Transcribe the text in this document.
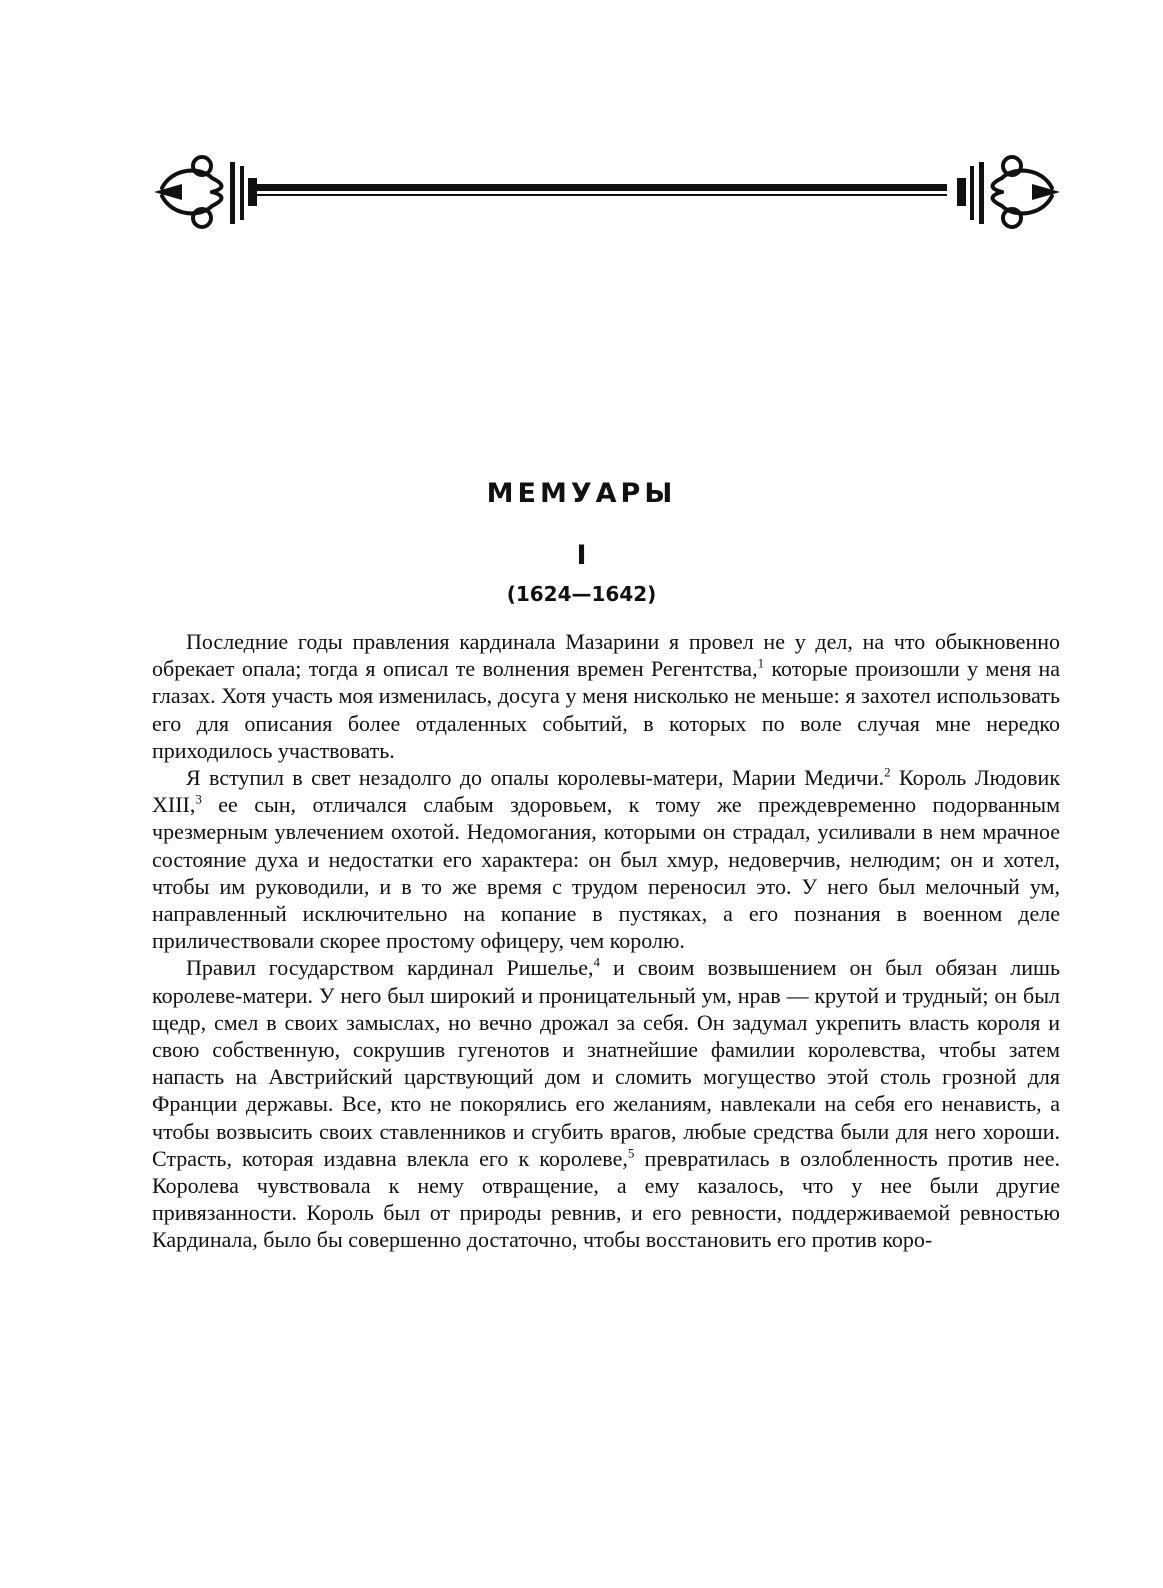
МЕМУАРЫ
I
(1624—1642)

Последние годы правления кардинала Мазарини я провел не у дел, на что обыкновенно обрекает опала; тогда я описал те волнения времен Регентства,$^1$ которые произошли у меня на глазах. Хотя участь моя изменилась, досуга у меня нисколько не меньше: я захотел использовать его для описания более отдаленных событий, в которых по воле случая мне нередко приходилось участвовать.

Я вступил в свет незадолго до опалы королевы-матери, Марии Медичи.$^2$ Король Людовик XIII,$^3$ ее сын, отличался слабым здоровьем, к тому же преждевременно подорванным чрезмерным увлечением охотой. Недомогания, которыми он страдал, усиливали в нем мрачное состояние духа и недостатки его характера: он был хмур, недоверчив, нелюдим; он и хотел, чтобы им руководили, и в то же время с трудом переносил это. У него был мелочный ум, направленный исключительно на копание в пустяках, а его познания в военном деле приличествовали скорее простому офицеру, чем королю.

Правил государством кардинал Ришелье,$^4$ и своим возвышением он был обязан лишь королеве-матери. У него был широкий и проницательный ум, нрав — крутой и трудный; он был щедр, смел в своих замыслах, но вечно дрожал за себя. Он задумал укрепить власть короля и свою собственную, сокрушив гугенотов и знатнейшие фамилии королевства, чтобы затем напасть на Австрийский царствующий дом и сломить могущество этой столь грозной для Франции державы. Все, кто не покорялись его желаниям, навлекали на себя его ненависть, а чтобы возвысить своих ставленников и сгубить врагов, любые средства были для него хороши. Страсть, которая издавна влекла его к королеве,$^5$ превратилась в озлобленность против нее. Королева чувствовала к нему отвращение, а ему казалось, что у нее были другие привязанности. Король был от природы ревнив, и его ревности, поддерживаемой ревностью Кардинала, было бы совершенно достаточно, чтобы восстановить его против коро-
